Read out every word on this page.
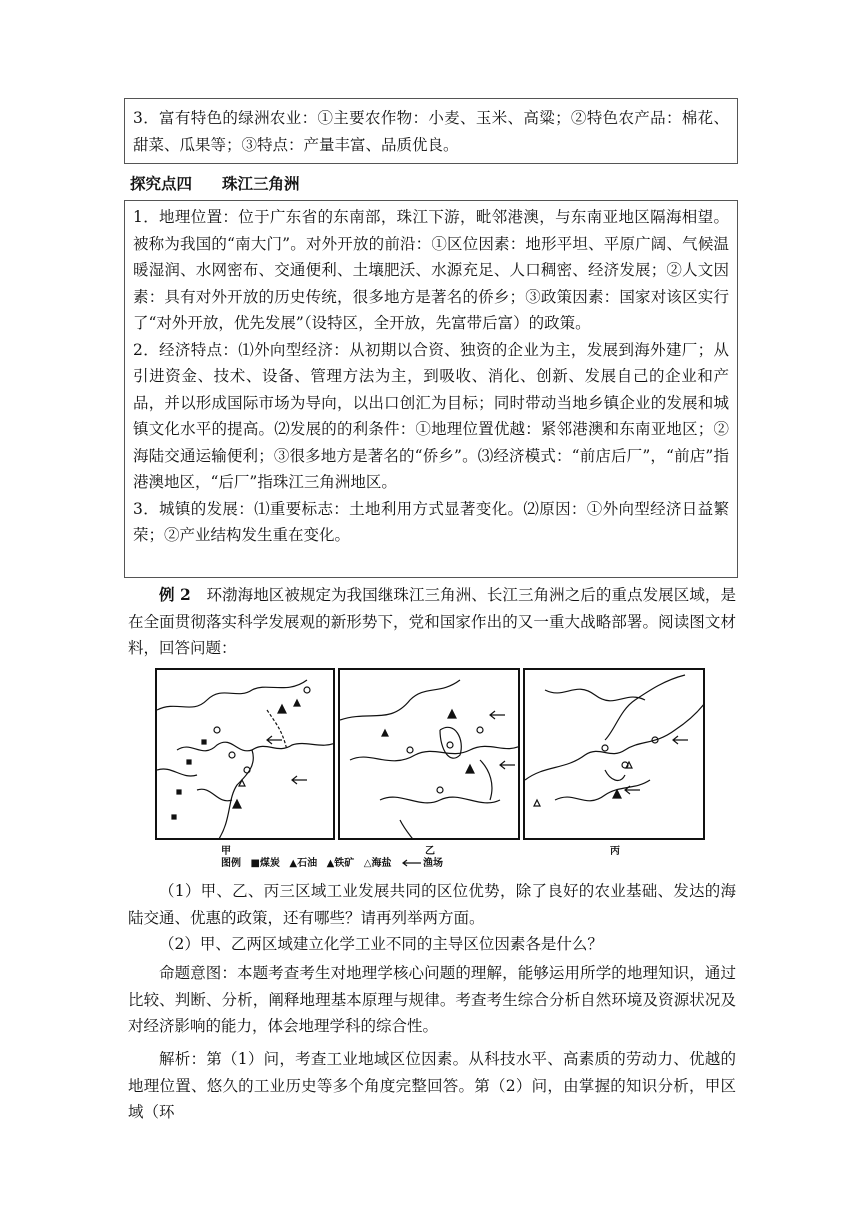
3．富有特色的绿洲农业：①主要农作物：小麦、玉米、高粱；②特色农产品：棉花、甜菜、瓜果等；③特点：产量丰富、品质优良。

探究点四 珠江三角洲

1．地理位置：位于广东省的东南部，珠江下游，毗邻港澳，与东南亚地区隔海相望。被称为我国的“南大门”。对外开放的前沿：①区位因素：地形平坦、平原广阔、气候温暖湿润、水网密布、交通便利、土壤肥沃、水源充足、人口稠密、经济发展；②人文因素：具有对外开放的历史传统，很多地方是著名的侨乡；③政策因素：国家对该区实行了“对外开放，优先发展”（设特区，全开放，先富带后富）的政策。

2．经济特点：⑴外向型经济：从初期以合资、独资的企业为主，发展到海外建厂；从引进资金、技术、设备、管理方法为主，到吸收、消化、创新、发展自己的企业和产品，并以形成国际市场为导向，以出口创汇为目标；同时带动当地乡镇企业的发展和城镇文化水平的提高。⑵发展的的利条件：①地理位置优越：紧邻港澳和东南亚地区；②海陆交通运输便利；③很多地方是著名的“侨乡”。⑶经济模式：“前店后厂”，“前店”指港澳地区，“后厂”指珠江三角洲地区。

3．城镇的发展：⑴重要标志：土地利用方式显著变化。⑵原因：①外向型经济日益繁荣；②产业结构发生重在变化。

例 2　 环渤海地区被规定为我国继珠江三角洲、长江三角洲之后的重点发展区域，是在全面贯彻落实科学发展观的新形势下，党和国家作出的又一重大战略部署。阅读图文材料，回答问题：

甲	乙	丙
图例 ■煤炭 ▲石油 ▲铁矿 △海盐	渔场

（1）甲、乙、丙三区域工业发展共同的区位优势，除了良好的农业基础、发达的海陆交通、优惠的政策，还有哪些？请再列举两方面。

（2）甲、乙两区域建立化学工业不同的主导区位因素各是什么？

命题意图：本题考查考生对地理学核心问题的理解，能够运用所学的地理知识，通过比较、判断、分析，阐释地理基本原理与规律。考查考生综合分析自然环境及资源状况及对经济影响的能力，体会地理学科的综合性。

解析：第（1）问，考查工业地域区位因素。从科技水平、高素质的劳动力、优越的地理位置、悠久的工业历史等多个角度完整回答。第（2）问，由掌握的知识分析，甲区域（环
